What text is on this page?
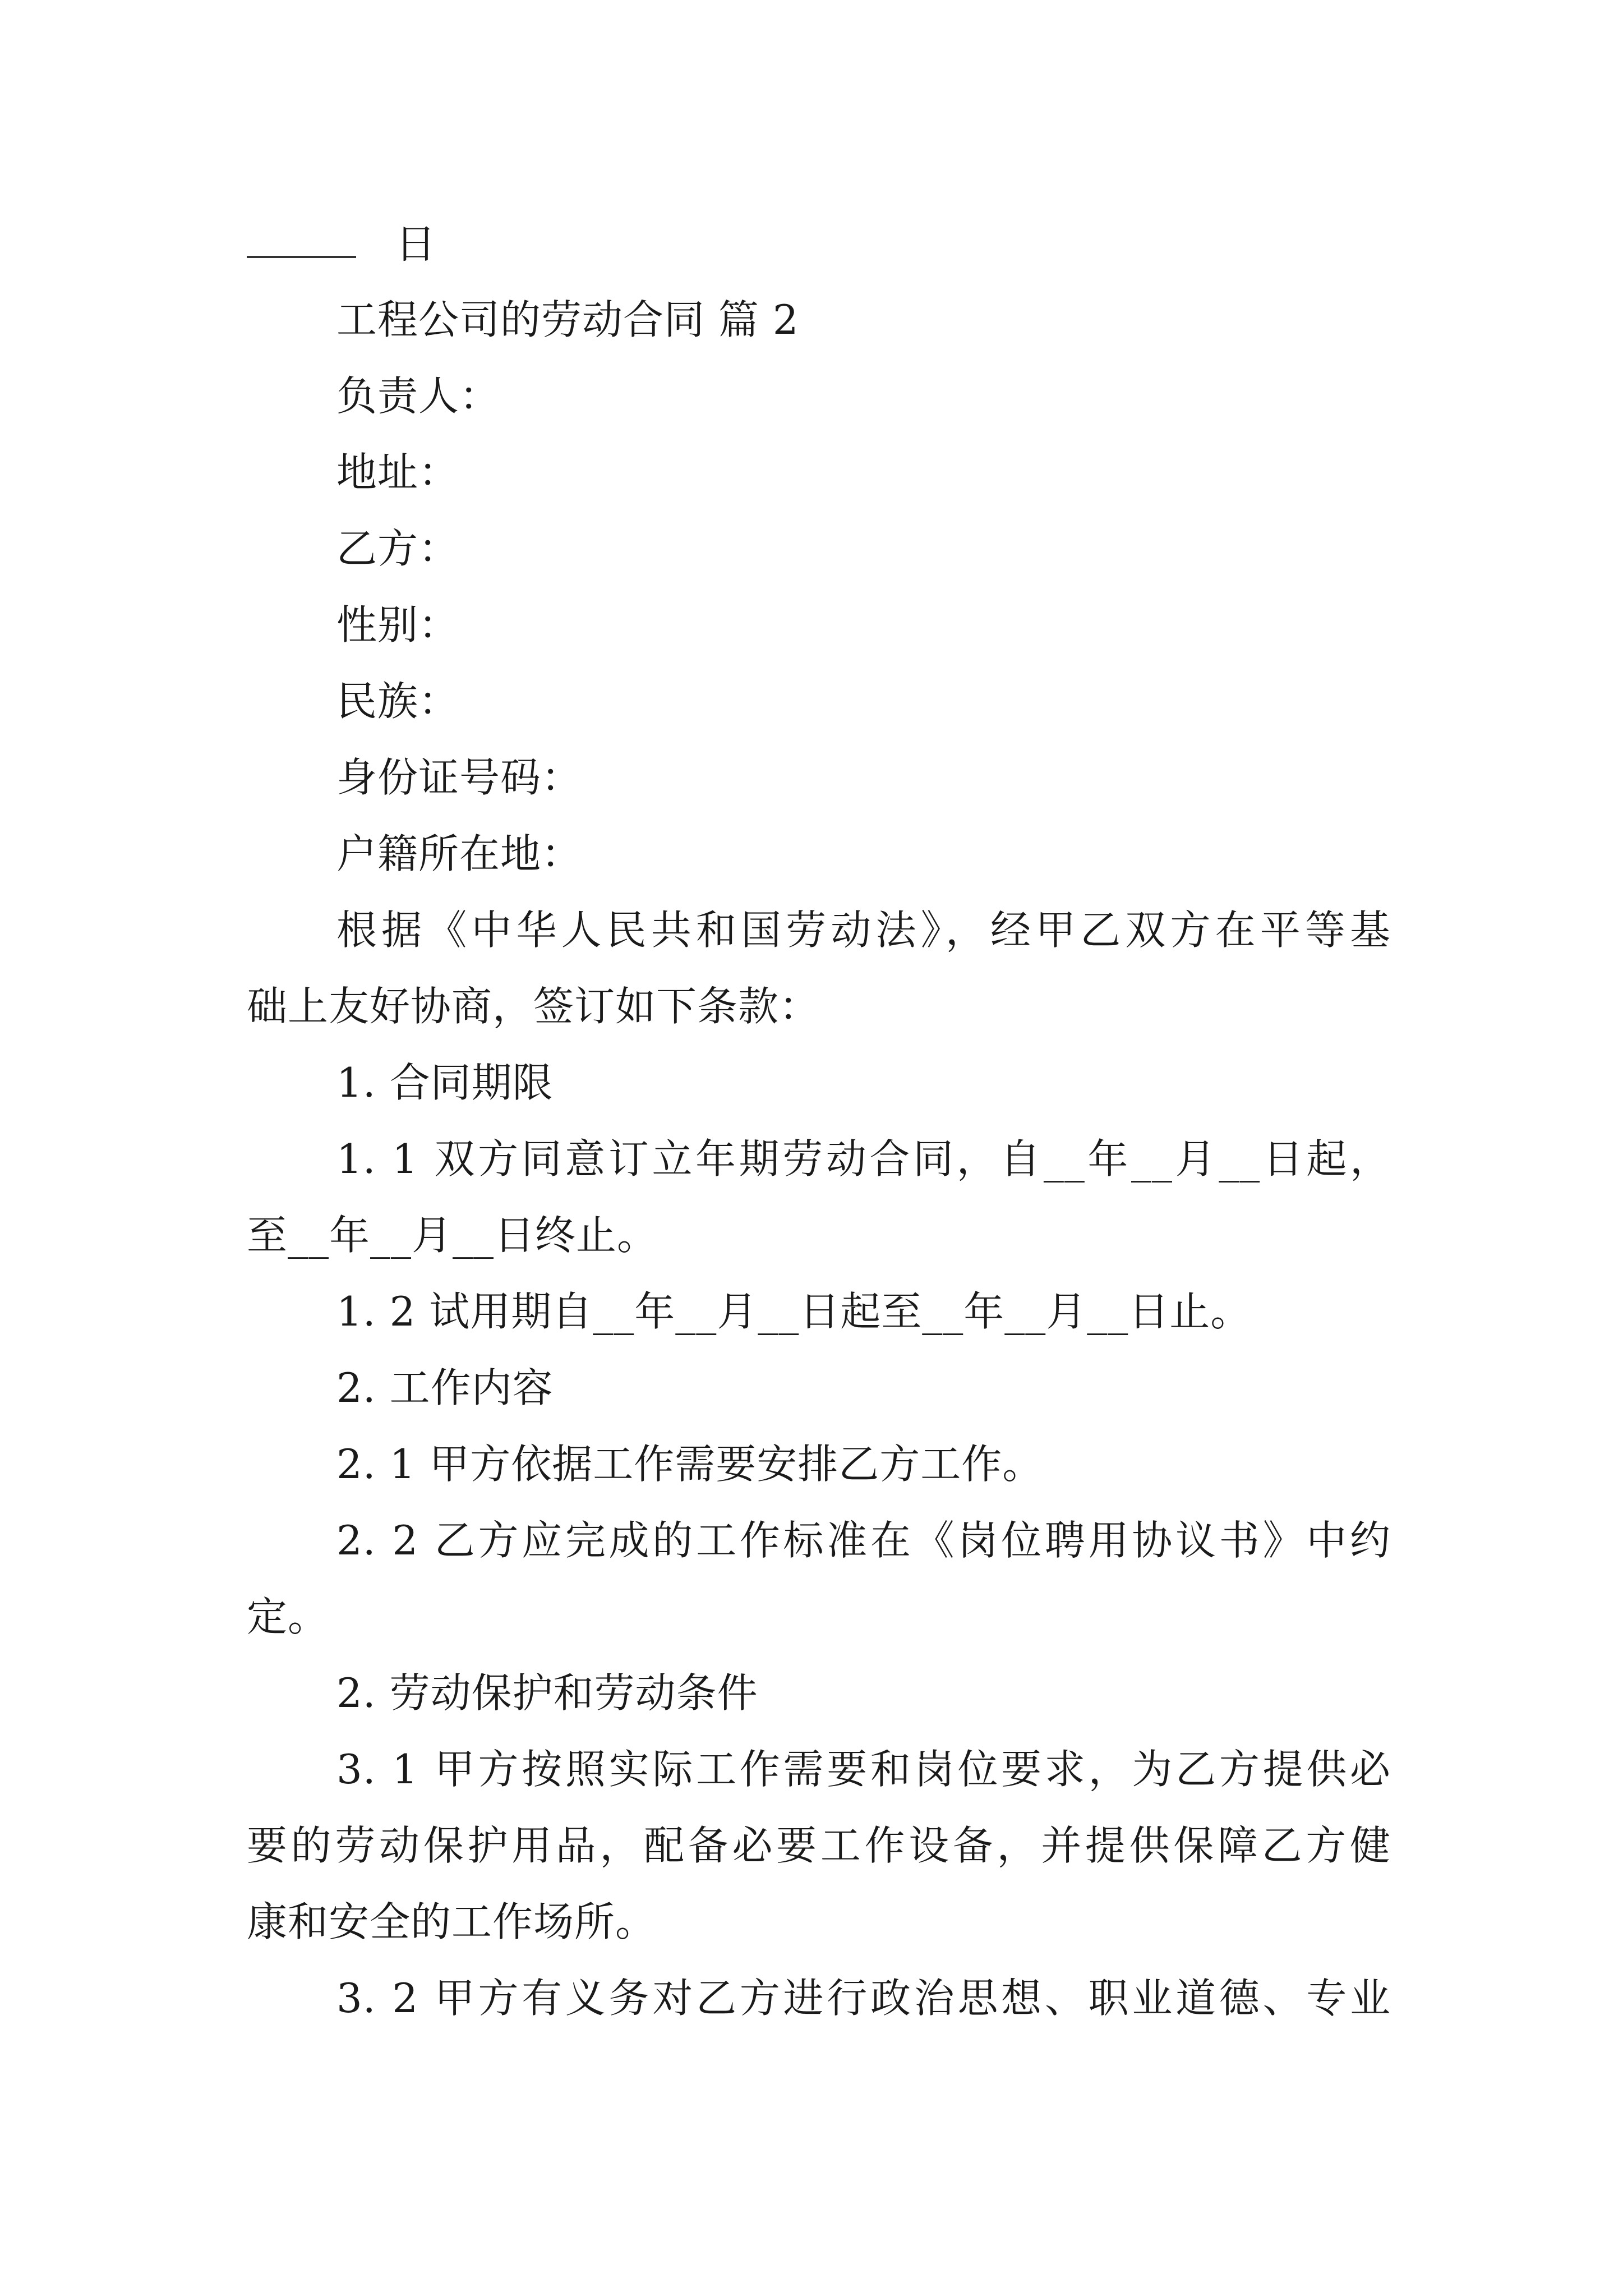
日
工程公司的劳动合同 篇 2
负责人：
地址：
乙方：
性别：
民族：
身份证号码：
户籍所在地：
根据《中华人民共和国劳动法》，经甲乙双方在平等基
础上友好协商，签订如下条款：
1. 合同期限
1. 1 双方同意订立年期劳动合同，自__年__月__日起，
至__年__月__日终止。
1. 2 试用期自__年__月__日起至__年__月__日止。
2. 工作内容
2. 1 甲方依据工作需要安排乙方工作。
2. 2 乙方应完成的工作标准在《岗位聘用协议书》中约
定。
2. 劳动保护和劳动条件
3. 1 甲方按照实际工作需要和岗位要求，为乙方提供必
要的劳动保护用品，配备必要工作设备，并提供保障乙方健
康和安全的工作场所。
3. 2 甲方有义务对乙方进行政治思想、职业道德、专业
